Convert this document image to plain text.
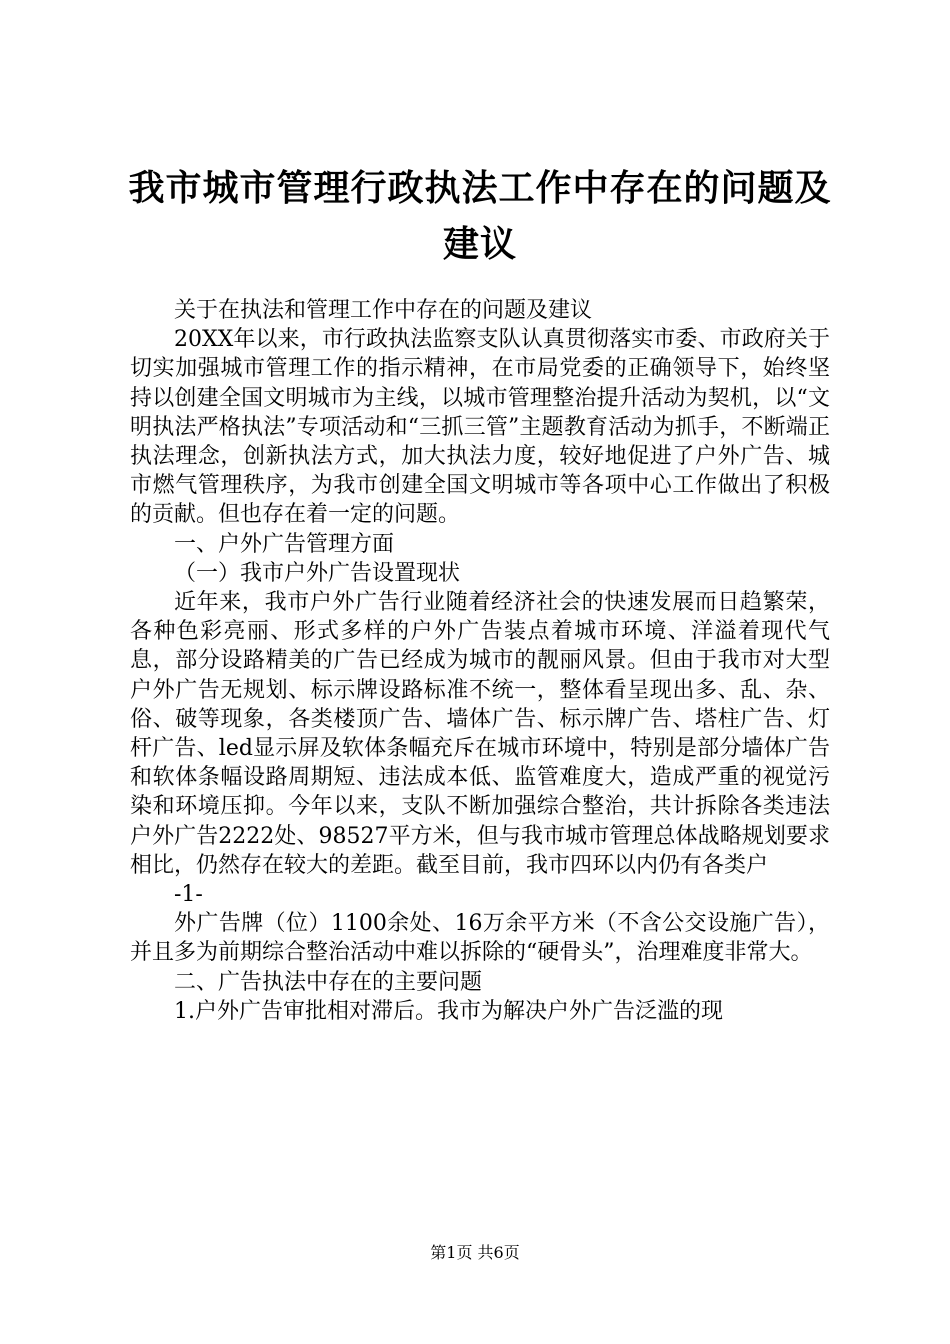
我市城市管理行政执法工作中存在的问题及建议

关于在执法和管理工作中存在的问题及建议

20XX年以来，市行政执法监察支队认真贯彻落实市委、市政府关于切实加强城市管理工作的指示精神，在市局党委的正确领导下，始终坚持以创建全国文明城市为主线，以城市管理整治提升活动为契机，以“文明执法严格执法”专项活动和“三抓三管”主题教育活动为抓手，不断端正执法理念，创新执法方式，加大执法力度，较好地促进了户外广告、城市燃气管理秩序，为我市创建全国文明城市等各项中心工作做出了积极的贡献。但也存在着一定的问题。

一、户外广告管理方面

（一）我市户外广告设置现状

近年来，我市户外广告行业随着经济社会的快速发展而日趋繁荣，各种色彩亮丽、形式多样的户外广告装点着城市环境、洋溢着现代气息，部分设路精美的广告已经成为城市的靓丽风景。但由于我市对大型户外广告无规划、标示牌设路标准不统一，整体看呈现出多、乱、杂、俗、破等现象，各类楼顶广告、墙体广告、标示牌广告、塔柱广告、灯杆广告、led显示屏及软体条幅充斥在城市环境中，特别是部分墙体广告和软体条幅设路周期短、违法成本低、监管难度大，造成严重的视觉污染和环境压抑。今年以来，支队不断加强综合整治，共计拆除各类违法户外广告2222处、98527平方米，但与我市城市管理总体战略规划要求相比，仍然存在较大的差距。截至目前，我市四环以内仍有各类户

-1-

外广告牌（位）1100余处、16万余平方米（不含公交设施广告），并且多为前期综合整治活动中难以拆除的“硬骨头”，治理难度非常大。

二、广告执法中存在的主要问题

1.户外广告审批相对滞后。我市为解决户外广告泛滥的现

第1页 共6页
